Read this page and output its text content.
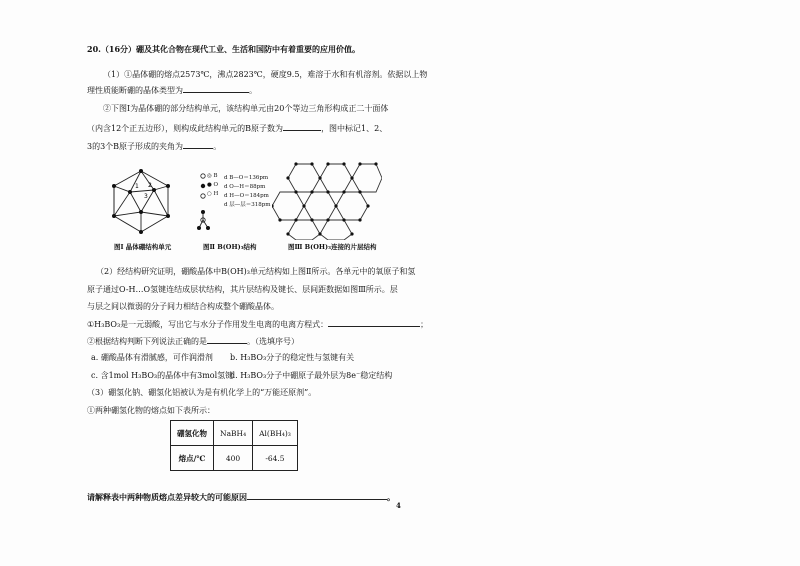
20.（16分）硼及其化合物在现代工业、生活和国防中有着重要的应用价值。
（1）①晶体硼的熔点2573℃，沸点2823℃，硬度9.5，难溶于水和有机溶剂。依据以上物
理性质能断硼的晶体类型为	。
②下图Ⅰ为晶体硼的部分结构单元，该结构单元由20个等边三角形构成正二十面体
（内含12个正五边形），则构成此结构单元的B原子数为	，图中标记1、2、
3的3个B原子形成的夹角为	。
1 2
3
图Ⅰ 晶体硼结构单元
◎ B
● O
○ H
d B—O＝136pm
d O—H＝88pm
d H—O＝184pm
d 层—层＝318pm
图Ⅱ B(OH)₃结构	图Ⅲ B(OH)₃连接的片层结构
（2）经结构研究证明，硼酸晶体中B(OH)₃单元结构如上图Ⅱ所示。各单元中的氧原子和氢
原子通过O-H…O氢键连结成层状结构，其片层结构及键长、层间距数据如图Ⅲ所示。层
与层之间以微弱的分子间力相结合构成整个硼酸晶体。
①H₃BO₃是一元弱酸，写出它与水分子作用发生电离的电离方程式：	；
②根据结构判断下列说法正确的是	。（选填序号）
a. 硼酸晶体有滑腻感，可作润滑剂 b. H₃BO₃分子的稳定性与氢键有关
c. 含1mol H₃BO₃的晶体中有3mol氢键
d. H₃BO₃分子中硼原子最外层为8e⁻稳定结构
（3）硼氢化钠、硼氢化铝被认为是有机化学上的“万能还原剂”。
①两种硼氢化物的熔点如下表所示：
硼氢化物	NaBH₄	Al(BH₄)₃
熔点/℃	400	-64.5
请解释表中两种物质熔点差异较大的可能原因	。
4
